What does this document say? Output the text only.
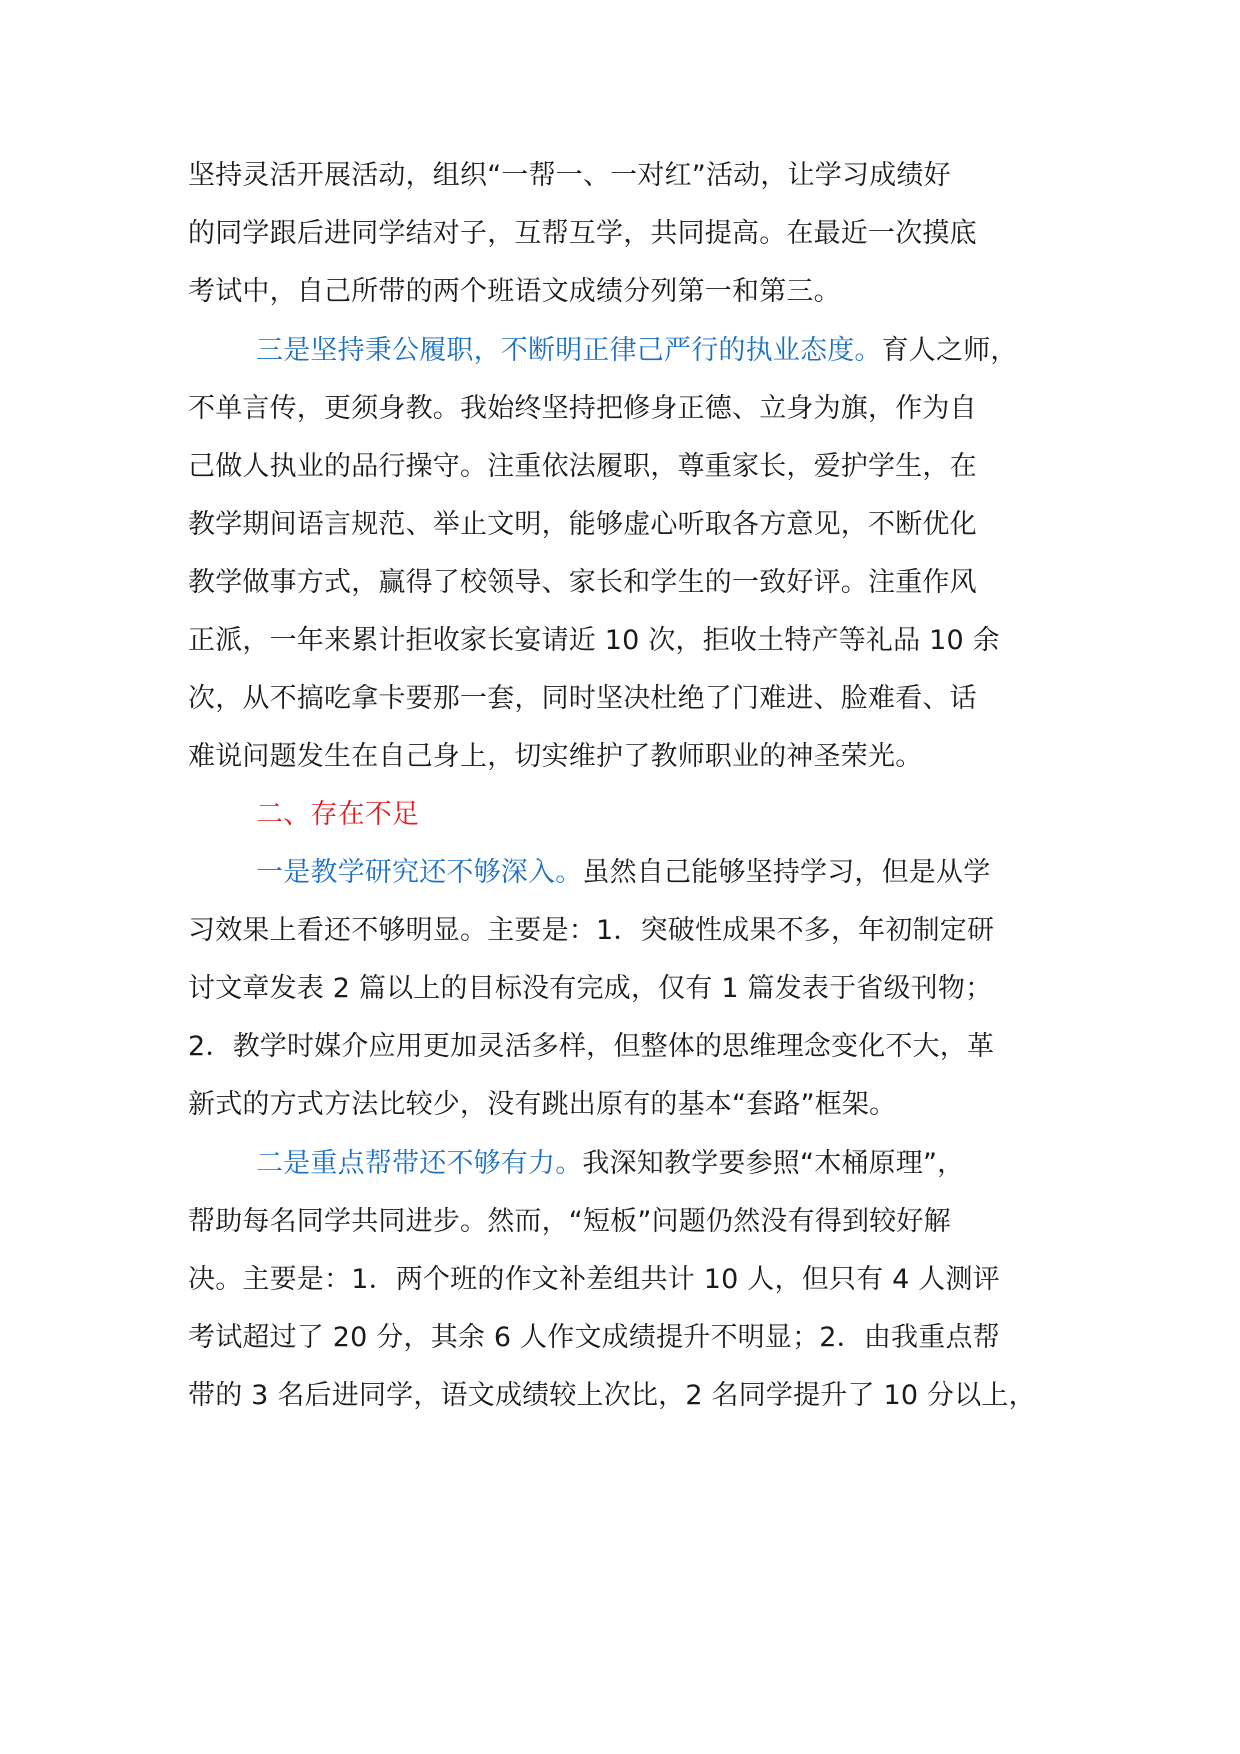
坚持灵活开展活动，组织“一帮一、一对红”活动，让学习成绩好
的同学跟后进同学结对子，互帮互学，共同提高。在最近一次摸底
考试中，自己所带的两个班语文成绩分列第一和第三。
三是坚持秉公履职，不断明正律己严行的执业态度。育人之师，
不单言传，更须身教。我始终坚持把修身正德、立身为旗，作为自
己做人执业的品行操守。注重依法履职，尊重家长，爱护学生，在
教学期间语言规范、举止文明，能够虚心听取各方意见，不断优化
教学做事方式，赢得了校领导、家长和学生的一致好评。注重作风
正派，一年来累计拒收家长宴请近 10 次，拒收土特产等礼品 10 余
次，从不搞吃拿卡要那一套，同时坚决杜绝了门难进、脸难看、话
难说问题发生在自己身上，切实维护了教师职业的神圣荣光。
二、存在不足
一是教学研究还不够深入。虽然自己能够坚持学习，但是从学
习效果上看还不够明显。主要是：1．突破性成果不多，年初制定研
讨文章发表 2 篇以上的目标没有完成，仅有 1 篇发表于省级刊物；
2．教学时媒介应用更加灵活多样，但整体的思维理念变化不大，革
新式的方式方法比较少，没有跳出原有的基本“套路”框架。
二是重点帮带还不够有力。我深知教学要参照“木桶原理”，
帮助每名同学共同进步。然而，“短板”问题仍然没有得到较好解
决。主要是：1．两个班的作文补差组共计 10 人，但只有 4 人测评
考试超过了 20 分，其余 6 人作文成绩提升不明显；2．由我重点帮
带的 3 名后进同学，语文成绩较上次比，2 名同学提升了 10 分以上，
